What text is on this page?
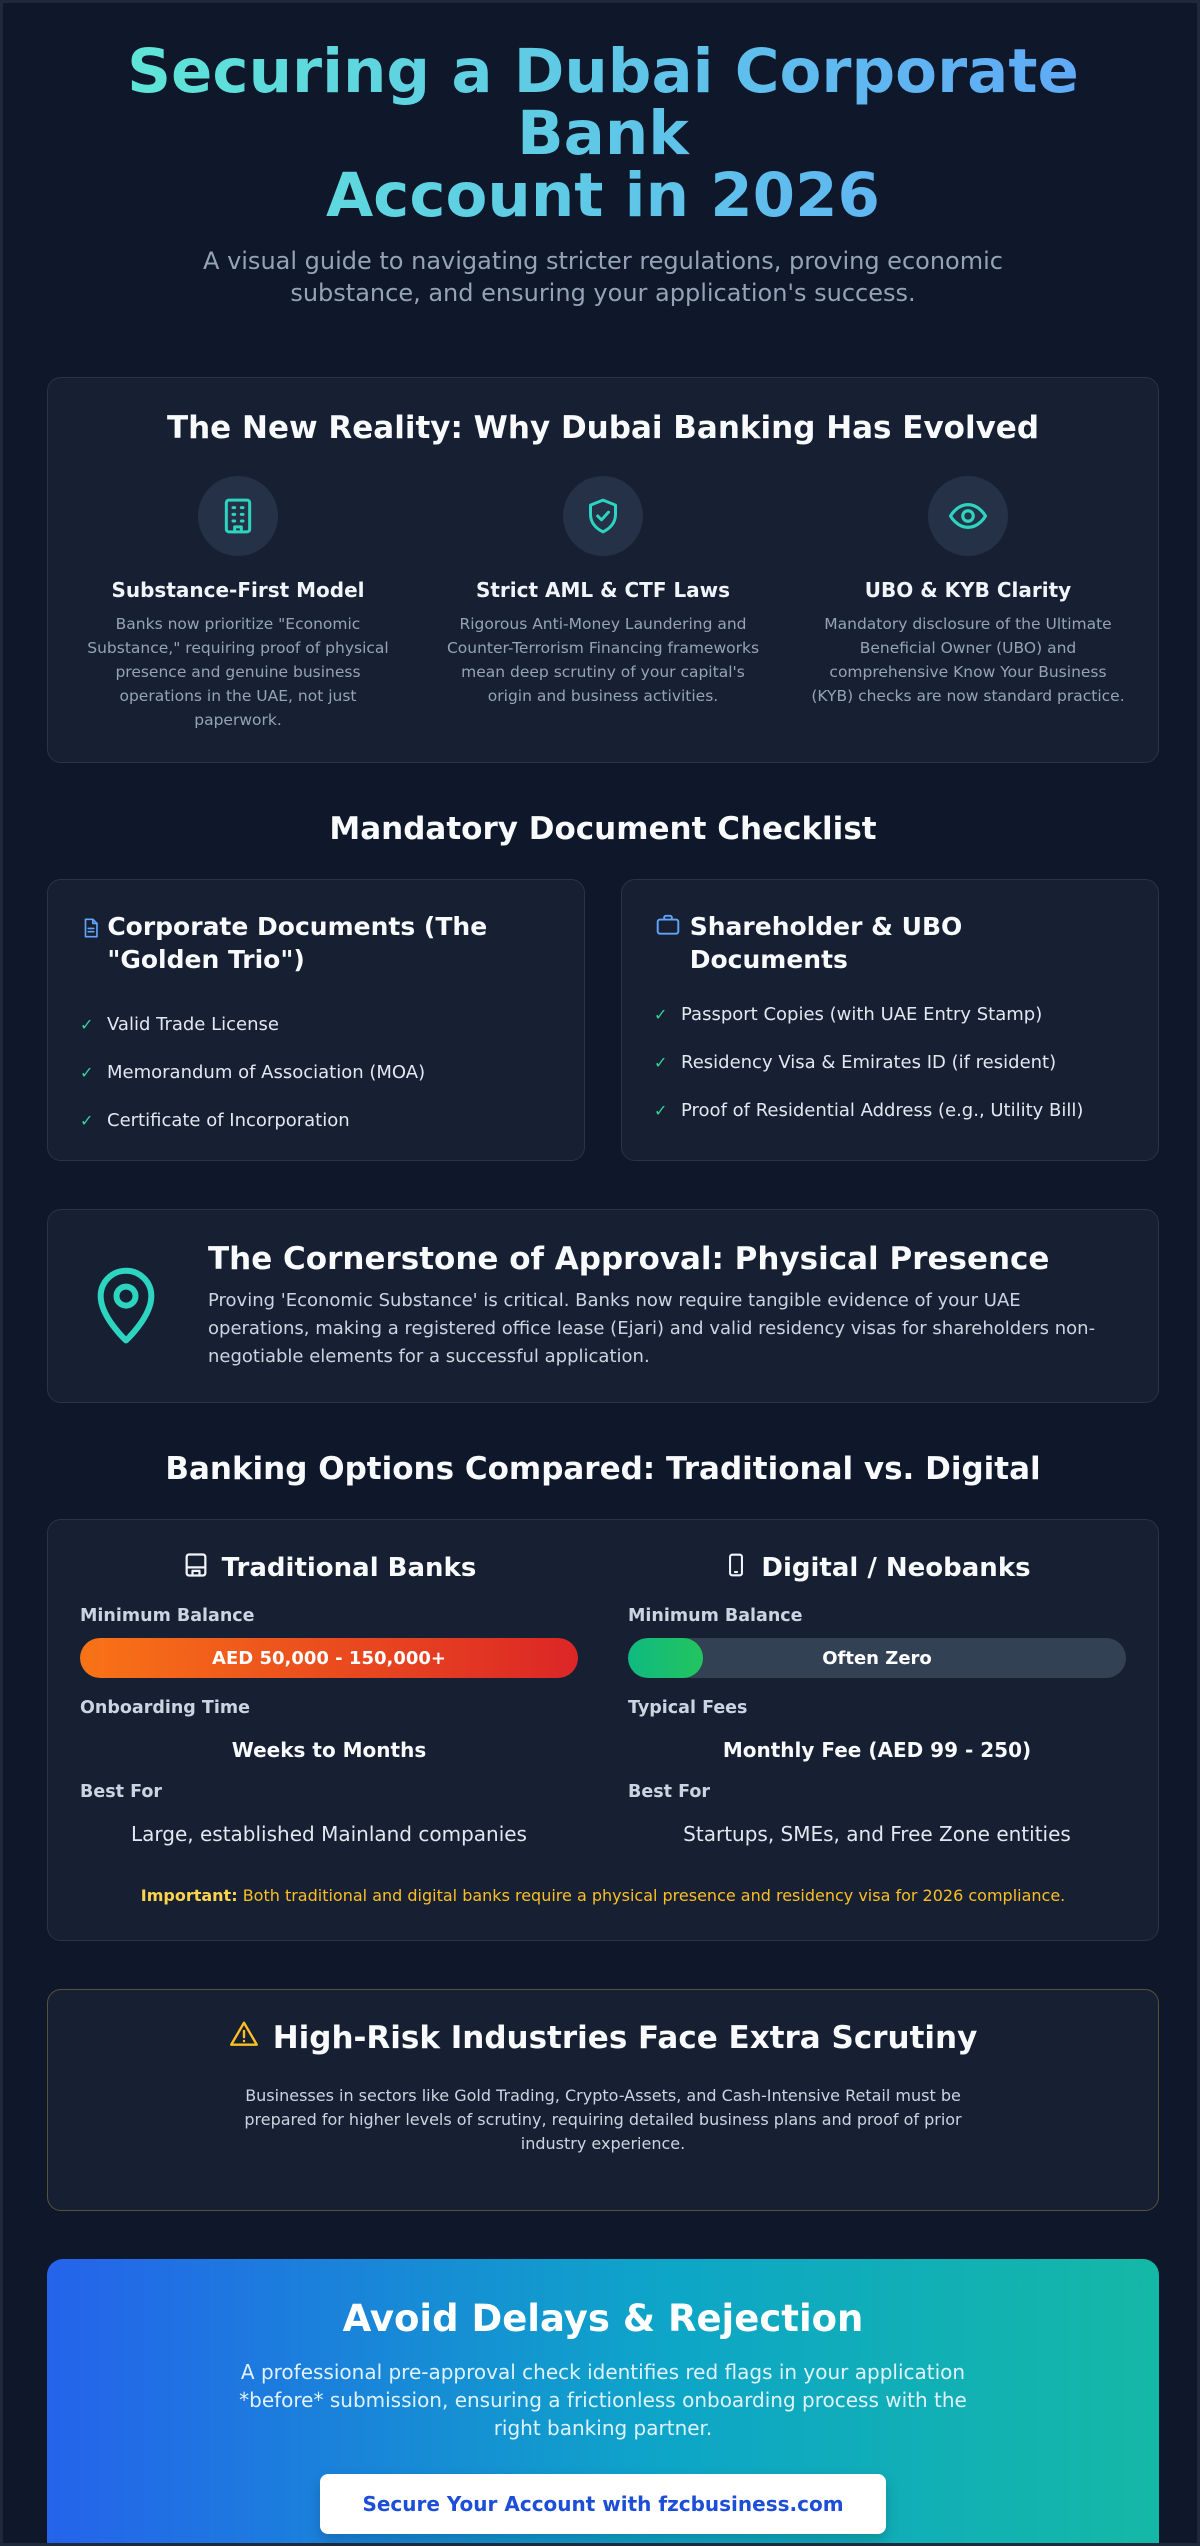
Securing a Dubai Corporate Bank
Account in 2026

A visual guide to navigating stricter regulations, proving economic substance, and ensuring your application's success.

The New Reality: Why Dubai Banking Has Evolved
Substance-First Model

Banks now prioritize "Economic Substance," requiring proof of physical presence and genuine business operations in the UAE, not just paperwork.

Strict AML & CTF Laws

Rigorous Anti-Money Laundering and Counter-Terrorism Financing frameworks mean deep scrutiny of your capital's origin and business activities.

UBO & KYB Clarity

Mandatory disclosure of the Ultimate Beneficial Owner (UBO) and comprehensive Know Your Business (KYB) checks are now standard practice.

Mandatory Document Checklist
Corporate Documents (The "Golden Trio")
✓ Valid Trade License
✓ Memorandum of Association (MOA)
✓ Certificate of Incorporation
Shareholder & UBO Documents
✓ Passport Copies (with UAE Entry Stamp)
✓ Residency Visa & Emirates ID (if resident)
✓ Proof of Residential Address (e.g., Utility Bill)
The Cornerstone of Approval: Physical Presence

Proving 'Economic Substance' is critical. Banks now require tangible evidence of your UAE operations, making a registered office lease (Ejari) and valid residency visas for shareholders non-negotiable elements for a successful application.

Banking Options Compared: Traditional vs. Digital
Traditional Banks
Minimum Balance
AED 50,000 - 150,000+
Onboarding Time
Weeks to Months
Best For
Large, established Mainland companies
Digital / Neobanks
Minimum Balance
Often Zero
Typical Fees
Monthly Fee (AED 99 - 250)
Best For
Startups, SMEs, and Free Zone entities

Important: Both traditional and digital banks require a physical presence and residency visa for 2026 compliance.

High-Risk Industries Face Extra Scrutiny

Businesses in sectors like Gold Trading, Crypto-Assets, and Cash-Intensive Retail must be prepared for higher levels of scrutiny, requiring detailed business plans and proof of prior industry experience.

Avoid Delays & Rejection

A professional pre-approval check identifies red flags in your application *before* submission, ensuring a frictionless onboarding process with the right banking partner.

Secure Your Account with fzcbusiness.com
